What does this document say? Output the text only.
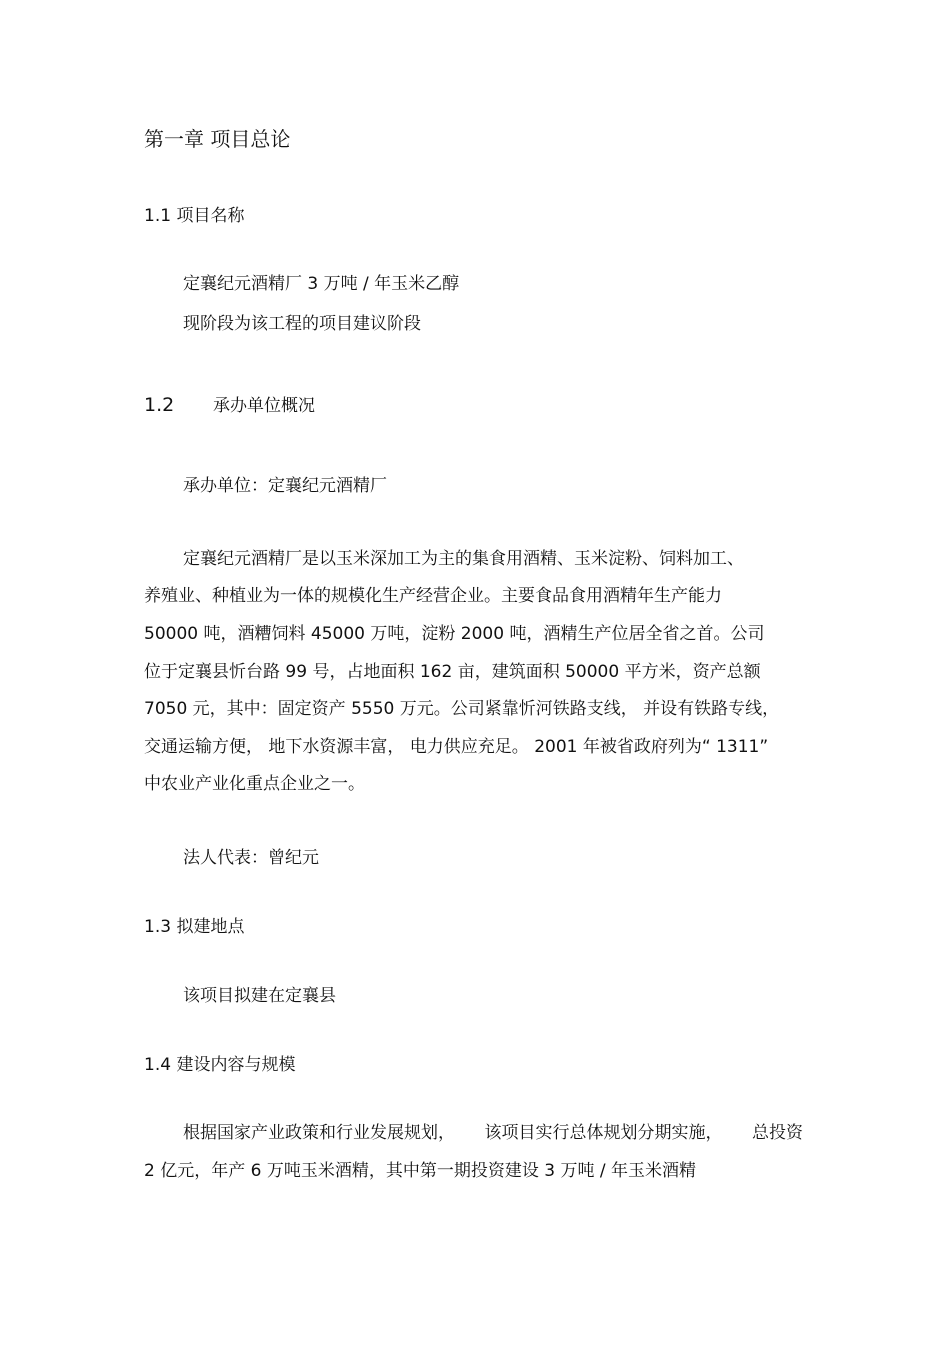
第一章 项目总论
1.1 项目名称
定襄纪元酒精厂 3 万吨 / 年玉米乙醇
现阶段为该工程的项目建议阶段
1.2 承办单位概况
承办单位：定襄纪元酒精厂
定襄纪元酒精厂是以玉米深加工为主的集食用酒精、玉米淀粉、饲料加工、
养殖业、种植业为一体的规模化生产经营企业。主要食品食用酒精年生产能力
50000 吨，酒糟饲料 45000 万吨，淀粉 2000 吨，酒精生产位居全省之首。公司
位于定襄县忻台路 99 号，占地面积 162 亩，建筑面积 50000 平方米，资产总额
7050 元，其中：固定资产 5550 万元。公司紧靠忻河铁路支线， 并设有铁路专线，
交通运输方便， 地下水资源丰富， 电力供应充足。 2001 年被省政府列为“ 1311”
中农业产业化重点企业之一。
法人代表：曾纪元
1.3 拟建地点
该项目拟建在定襄县
1.4 建设内容与规模
根据国家产业政策和行业发展规划， 该项目实行总体规划分期实施， 总投资
2 亿元，年产 6 万吨玉米酒精，其中第一期投资建设 3 万吨 / 年玉米酒精
